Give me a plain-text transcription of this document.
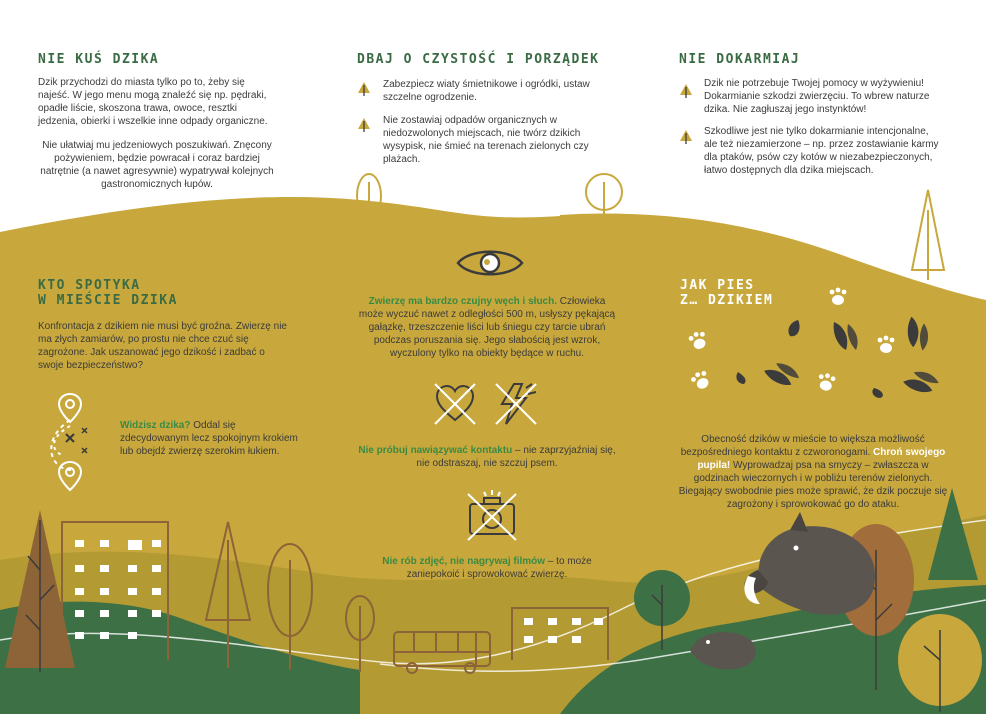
NIE KUŚ DZIKA

Dzik przychodzi do miasta tylko po to, żeby się najeść. W jego menu mogą znaleźć się np. pędraki, opadłe liście, skoszona trawa, owoce, resztki jedzenia, obierki i wszelkie inne odpady organiczne.

Nie ułatwiaj mu jedzeniowych poszukiwań. Znęcony pożywieniem, będzie powracał i coraz bardziej natrętnie (a nawet agresywnie) wypatrywał kolejnych gastronomicznych łupów.

DBAJ O CZYSTOŚĆ I PORZĄDEK

Zabezpiecz wiaty śmietnikowe i ogródki, ustaw szczelne ogrodzenie.

Nie zostawiaj odpadów organicznych w niedozwolonych miejscach, nie twórz dzikich wysypisk, nie śmieć na terenach zielonych czy plażach.

NIE DOKARMIAJ

Dzik nie potrzebuje Twojej pomocy w wyżywieniu! Dokarmianie szkodzi zwierzęciu. To wbrew naturze dzika. Nie zagłuszaj jego instynktów!

Szkodliwe jest nie tylko dokarmianie intencjonalne, ale też niezamierzone – np. przez zostawianie karmy dla ptaków, psów czy kotów w niezabezpieczonych, łatwo dostępnych dla dzika miejscach.

KTO SPOTYKA
W MIEŚCIE DZIKA

Konfrontacja z dzikiem nie musi być groźna. Zwierzę nie ma złych zamiarów, po prostu nie chce czuć się zagrożone. Jak uszanować jego dzikość i zadbać o swoje bezpieczeństwo?

Widzisz dzika? Oddal się zdecydowanym lecz spokojnym krokiem lub obejdź zwierzę szerokim łukiem.

Zwierzę ma bardzo czujny węch i słuch. Człowieka może wyczuć nawet z odległości 500 m, usłyszy pękającą gałązkę, trzeszczenie liści lub śniegu czy tarcie ubrań podczas poruszania się. Jego słabością jest wzrok, wyczulony tylko na obiekty będące w ruchu.

Nie próbuj nawiązywać kontaktu – nie zaprzyjaźniaj się, nie odstraszaj, nie szczuj psem.

Nie rób zdjęć, nie nagrywaj filmów – to może zaniepokoić i sprowokować zwierzę.

JAK PIES
Z… DZIKIEM

Obecność dzików w mieście to większa możliwość bezpośredniego kontaktu z czworonogami. Chroń swojego pupila! Wyprowadzaj psa na smyczy – zwłaszcza w godzinach wieczornych i w pobliżu terenów zielonych. Biegający swobodnie pies może sprawić, że dzik poczuje się zagrożony i sprowokować go do ataku.
